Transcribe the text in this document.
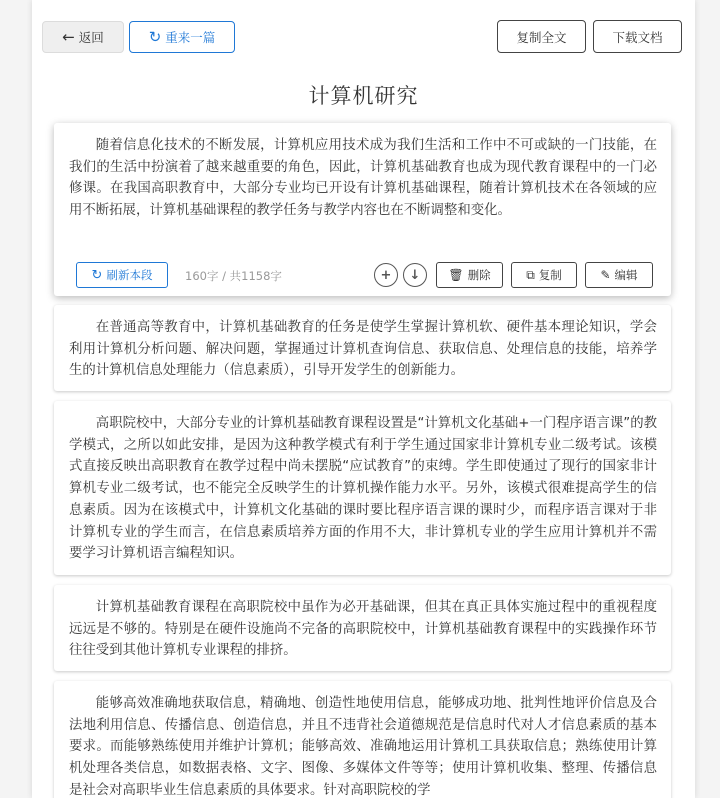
← 返回	↻ 重来一篇	复制全文	下载文档
计算机研究

随着信息化技术的不断发展，计算机应用技术成为我们生活和工作中不可或缺的一门技能，在我们的生活中扮演着了越来越重要的角色，因此，计算机基础教育也成为现代教育课程中的一门必修课。在我国高职教育中，大部分专业均已开设有计算机基础课程，随着计算机技术在各领域的应用不断拓展，计算机基础课程的教学任务与教学内容也在不断调整和变化。

在普通高等教育中，计算机基础教育的任务是使学生掌握计算机软、硬件基本理论知识，学会利用计算机分析问题、解决问题，掌握通过计算机查询信息、获取信息、处理信息的技能，培养学生的计算机信息处理能力（信息素质），引导开发学生的创新能力。

高职院校中，大部分专业的计算机基础教育课程设置是“计算机文化基础+一门程序语言课”的教学模式，之所以如此安排，是因为这种教学模式有利于学生通过国家非计算机专业二级考试。该模式直接反映出高职教育在教学过程中尚未摆脱“应试教育”的束缚。学生即使通过了现行的国家非计算机专业二级考试，也不能完全反映学生的计算机操作能力水平。另外，该模式很难提高学生的信息素质。因为在该模式中，计算机文化基础的课时要比程序语言课的课时少，而程序语言课对于非计算机专业的学生而言，在信息素质培养方面的作用不大，非计算机专业的学生应用计算机并不需要学习计算机语言编程知识。

计算机基础教育课程在高职院校中虽作为必开基础课，但其在真正具体实施过程中的重视程度远远是不够的。特别是在硬件设施尚不完备的高职院校中，计算机基础教育课程中的实践操作环节往往受到其他计算机专业课程的排挤。

能够高效准确地获取信息，精确地、创造性地使用信息，能够成功地、批判性地评价信息及合法地利用信息、传播信息、创造信息，并且不违背社会道德规范是信息时代对人才信息素质的基本要求。而能够熟练使用并维护计算机；能够高效、准确地运用计算机工具获取信息；熟练使用计算机处理各类信息，如数据表格、文字、图像、多媒体文件等等；使用计算机收集、整理、传播信息是社会对高职毕业生信息素质的具体要求。针对高职院校的学

↻ 刷新本段	160字 / 共1158字	+	↓	🗑 删除	⧉ 复制	✎ 编辑
